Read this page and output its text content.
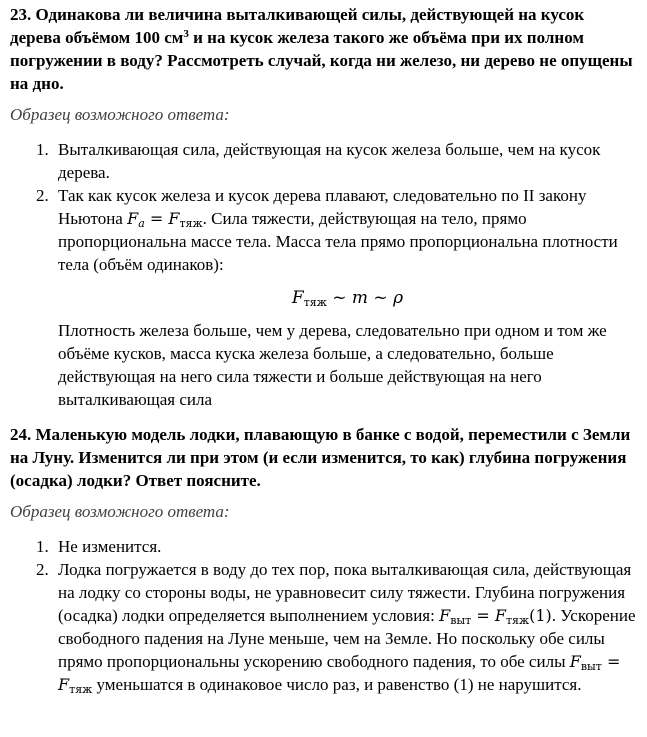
23. Одинакова ли величина выталкивающей силы, действующей на кусок дерева объёмом 100 $см^3$ и на кусок железа такого же объёма при их полном погружении в воду? Рассмотреть случай, когда ни железо, ни дерево не опущены на дно.

Образец возможного ответа:

1. Выталкивающая сила, действующая на кусок железа больше, чем на кусок дерева.
2. Так как кусок железа и кусок дерева плавают, следовательно по II закону Ньютона $F_a = F_{тяж}$. Сила тяжести, действующая на тело, прямо пропорциональна массе тела. Масса тела прямо пропорциональна плотности тела (объём одинаков):
$F_{тяж}$ ~ m ~ ρ
Плотность железа больше, чем у дерева, следовательно при одном и том же объёме кусков, масса куска железа больше, а следовательно, больше действующая на него сила тяжести и больше действующая на него выталкивающая сила

24. Маленькую модель лодки, плавающую в банке с водой, переместили с Земли на Луну. Изменится ли при этом (и если изменится, то как) глубина погружения (осадка) лодки? Ответ поясните.

Образец возможного ответа:

1. Не изменится.
2. Лодка погружается в воду до тех пор, пока выталкивающая сила, действующая на лодку со стороны воды, не уравновесит силу тяжести. Глубина погружения (осадка) лодки определяется выполнением условия: $F_{выт} = F_{тяж}(1)$. Ускорение свободного падения на Луне меньше, чем на Земле. Но поскольку обе силы прямо пропорциональны ускорению свободного падения, то обе силы $F_{выт} = F_{тяж}$ уменьшатся в одинаковое число раз, и равенство (1) не нарушится.
